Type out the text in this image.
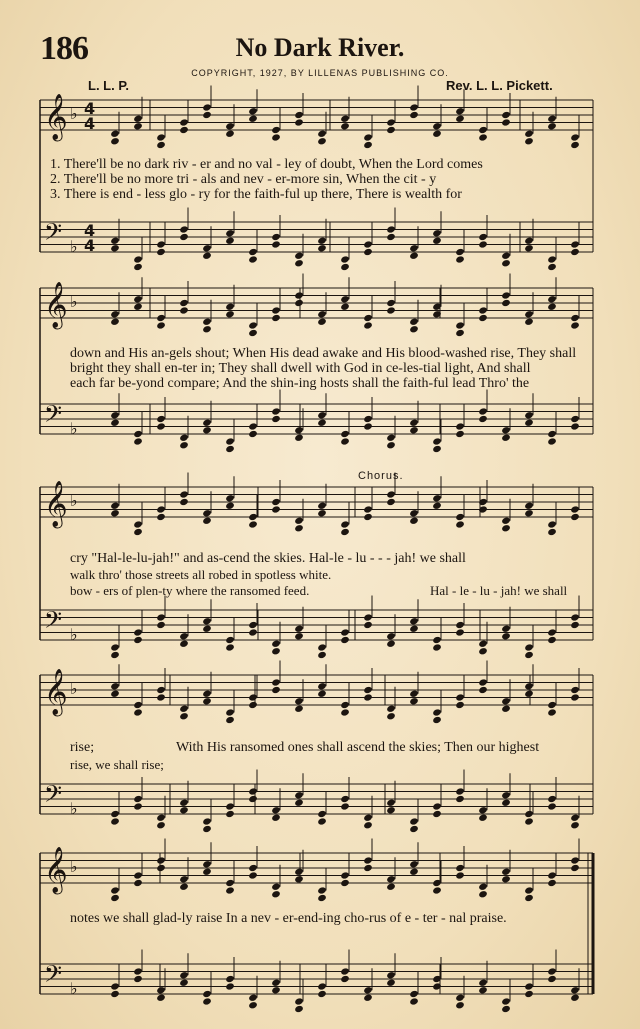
186	No Dark River.
COPYRIGHT, 1927, BY LILLENAS PUBLISHING CO.
L. L. P.	Rev. L. L. Pickett.
𝄞
𝄢
♭
♭
4
4
4
4
𝄞
𝄢
♭
♭
𝄞
𝄢
♭
♭
𝄞
𝄢
♭
♭
𝄞
𝄢
♭
♭
1. There'll be no dark riv - er and no val - ley of doubt, When the Lord comes
2. There'll be no more tri - als and nev - er-more sin, When the cit - y
3. There is end - less glo - ry for the faith-ful up there, There is wealth for
down and His an-gels shout; When His dead awake and His blood-washed rise, They shall
bright they shall en-ter in; They shall dwell with God in ce-les-tial light, And shall
each far be-yond compare; And the shin-ing hosts shall the faith-ful lead Thro' the
Chorus.
cry "Hal-le-lu-jah!" and as-cend the skies. Hal-le - lu - - - jah! we shall
walk thro' those streets all robed in spotless white.
bow - ers of plen-ty where the ransomed feed.	Hal - le - lu - jah! we shall
rise;	With His ransomed ones shall ascend the skies; Then our highest
rise, we shall rise;
notes we shall glad-ly raise In a nev - er-end-ing cho-rus of e - ter - nal praise.
